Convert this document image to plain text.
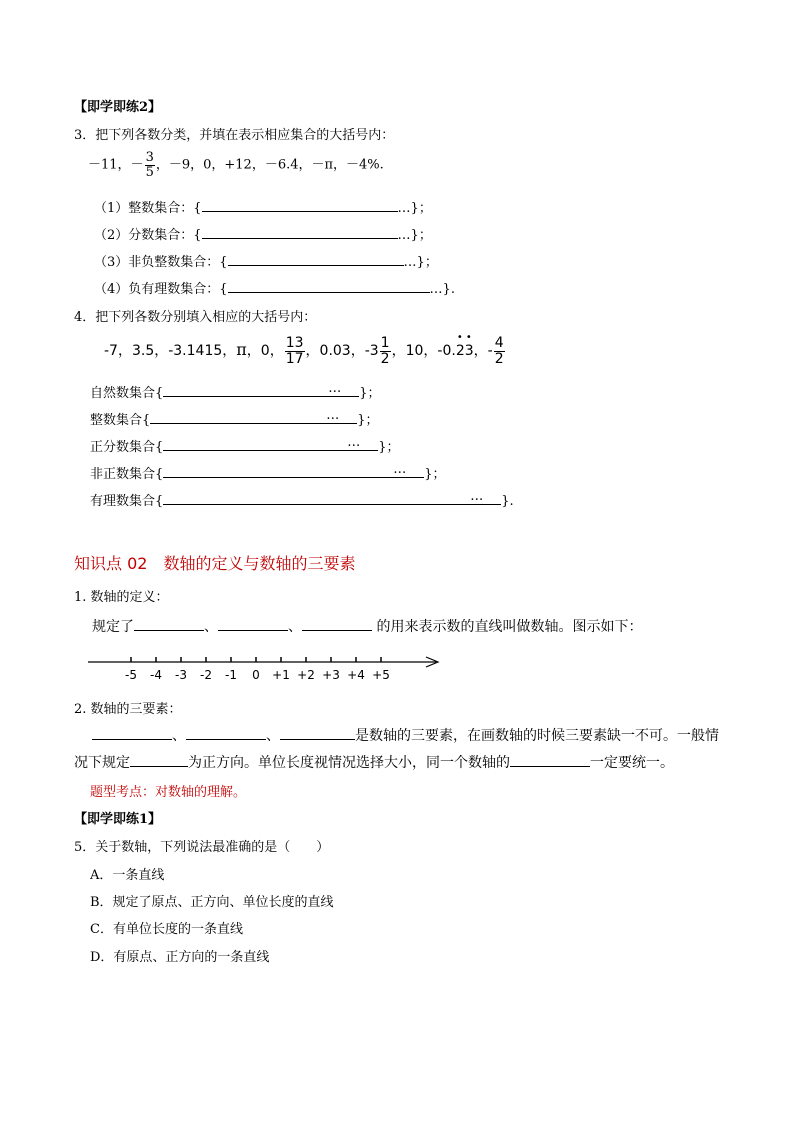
【即学即练2】
3．把下列各数分类，并填在表示相应集合的大括号内：
－11，－ $\frac{3}{5}$ ，－9，0，+12，－6.4，－π，－4%.
（1）整数集合：{	…}；
（2）分数集合：{	…}；
（3）非负整数集合：{	…}；
（4）负有理数集合：{	…}.
4．把下列各数分别填入相应的大括号内：
-7，3.5，-3.1415，π，0， $\frac{13}{17}$ ，0.03，$-3 \frac{1}{2}$ ，10，-0.
• •
23，- $\frac{4}{2}$
自然数集合{	… }；
整数集合{	… }；
正分数集合{	… }；
非正数集合{	… }；
有理数集合{	… }.
知识点 02　数轴的定义与数轴的三要素
1. 数轴的定义：
规定了	、	、	的用来表示数的直线叫做数轴。图示如下：
-5 -4 -3 -2 -1 0 +1 +2 +3 +4 +5
2. 数轴的三要素：
、	、	是数轴的三要素，在画数轴的时候三要素缺一不可。一般情
况下规定	为正方向。单位长度视情况选择大小，同一个数轴的	一定要统一。
题型考点：对数轴的理解。
【即学即练1】
5．关于数轴，下列说法最准确的是（　　）
A．一条直线
B．规定了原点、正方向、单位长度的直线
C．有单位长度的一条直线
D．有原点、正方向的一条直线
